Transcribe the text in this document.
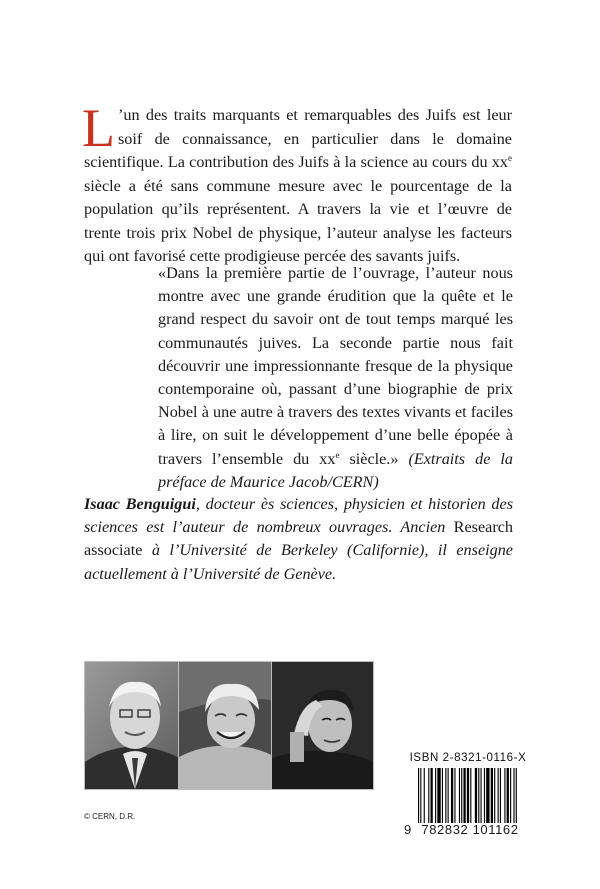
L ’un des traits marquants et remarquables des Juifs est leur soif de connaissance, en particulier dans le domaine scientifique. La contribution des Juifs à la science au cours du $xx^e$ siècle a été sans commune mesure avec le pourcentage de la population qu’ils représentent. A travers la vie et l’œuvre de trente trois prix Nobel de physique, l’auteur analyse les facteurs qui ont favorisé cette prodigieuse percée des savants juifs.

«Dans la première partie de l’ouvrage, l’auteur nous montre avec une grande érudition que la quête et le grand respect du savoir ont de tout temps marqué les communautés juives. La seconde partie nous fait découvrir une impressionnante fresque de la physique contemporaine où, passant d’une biographie de prix Nobel à une autre à travers des textes vivants et faciles à lire, on suit le développement d’une belle épopée à travers l’ensemble du $xx^e$ siècle.» (Extraits de la préface de Maurice Jacob/CERN)

Isaac Benguigui, docteur ès sciences, physicien et historien des sciences est l’auteur de nombreux ouvrages. Ancien Research associate à l’Université de Berkeley (Californie), il enseigne actuellement à l’Université de Genève.

© CERN, D.R.
ISBN 2-8321-0116-X
9 782832 101162
